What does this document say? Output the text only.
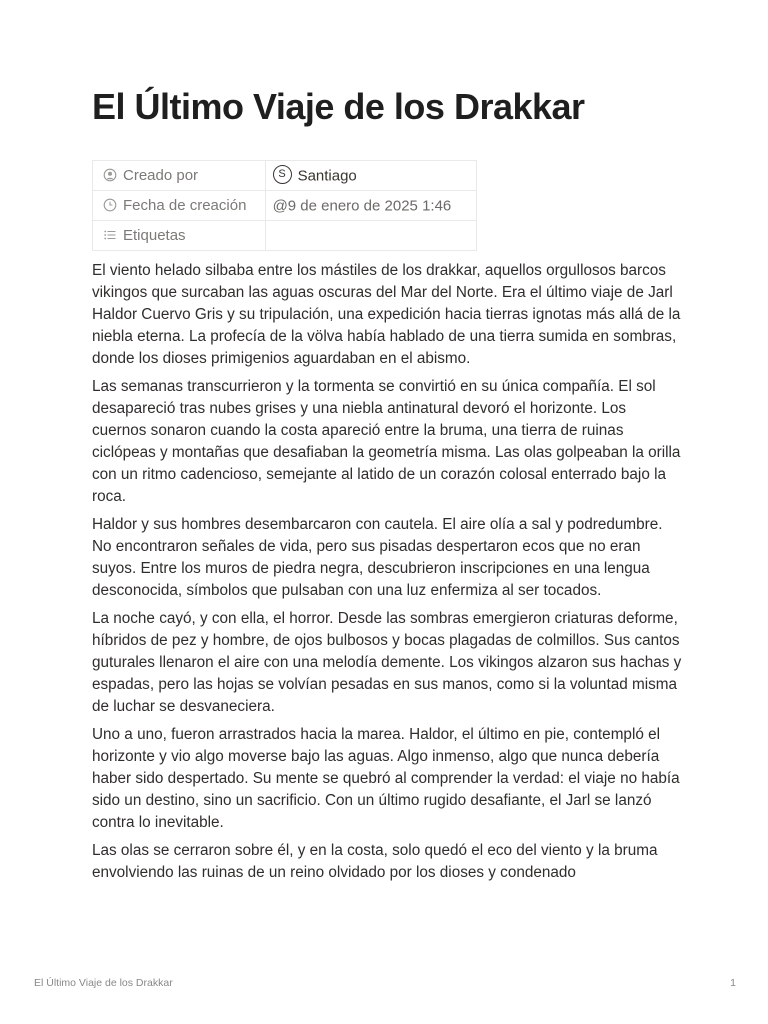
El Último Viaje de los Drakkar
Creado por	S Santiago

Fecha de creación	@9 de enero de 2025 1:46

Etiquetas	

El viento helado silbaba entre los mástiles de los drakkar, aquellos orgullosos barcos vikingos que surcaban las aguas oscuras del Mar del Norte. Era el último viaje de Jarl Haldor Cuervo Gris y su tripulación, una expedición hacia tierras ignotas más allá de la niebla eterna. La profecía de la völva había hablado de una tierra sumida en sombras, donde los dioses primigenios aguardaban en el abismo.

Las semanas transcurrieron y la tormenta se convirtió en su única compañía. El sol desapareció tras nubes grises y una niebla antinatural devoró el horizonte. Los cuernos sonaron cuando la costa apareció entre la bruma, una tierra de ruinas ciclópeas y montañas que desafiaban la geometría misma. Las olas golpeaban la orilla con un ritmo cadencioso, semejante al latido de un corazón colosal enterrado bajo la roca.

Haldor y sus hombres desembarcaron con cautela. El aire olía a sal y podredumbre. No encontraron señales de vida, pero sus pisadas despertaron ecos que no eran suyos. Entre los muros de piedra negra, descubrieron inscripciones en una lengua desconocida, símbolos que pulsaban con una luz enfermiza al ser tocados.

La noche cayó, y con ella, el horror. Desde las sombras emergieron criaturas deforme, híbridos de pez y hombre, de ojos bulbosos y bocas plagadas de colmillos. Sus cantos guturales llenaron el aire con una melodía demente. Los vikingos alzaron sus hachas y espadas, pero las hojas se volvían pesadas en sus manos, como si la voluntad misma de luchar se desvaneciera.

Uno a uno, fueron arrastrados hacia la marea. Haldor, el último en pie, contempló el horizonte y vio algo moverse bajo las aguas. Algo inmenso, algo que nunca debería haber sido despertado. Su mente se quebró al comprender la verdad: el viaje no había sido un destino, sino un sacrificio. Con un último rugido desafiante, el Jarl se lanzó contra lo inevitable.

Las olas se cerraron sobre él, y en la costa, solo quedó el eco del viento y la bruma envolviendo las ruinas de un reino olvidado por los dioses y condenado

El Último Viaje de los Drakkar	1
